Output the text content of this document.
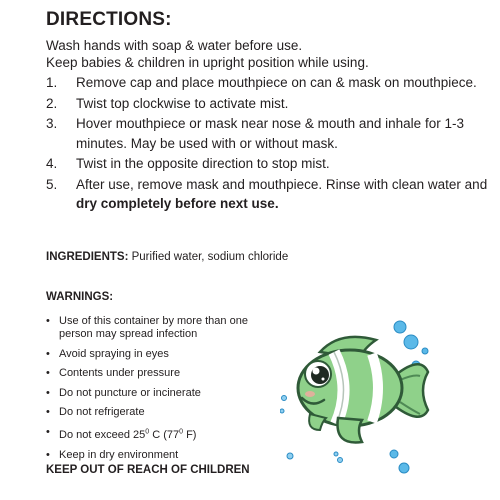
DIRECTIONS:
Wash hands with soap & water before use.
Keep babies & children in upright position while using.
1. Remove cap and place mouthpiece on can & mask on mouthpiece.
2. Twist top clockwise to activate mist.
3. Hover mouthpiece or mask near nose & mouth and inhale for 1-3 minutes. May be used with or without mask.
4. Twist in the opposite direction to stop mist.
5. After use, remove mask and mouthpiece. Rinse with clean water and dry completely before next use.
INGREDIENTS: Purified water, sodium chloride
WARNINGS:
• Use of this container by more than one person may spread infection
• Avoid spraying in eyes
• Contents under pressure
• Do not puncture or incinerate
• Do not refrigerate
• Do not exceed $25^0$ C ($77^0$ F)
• Keep in dry environment
KEEP OUT OF REACH OF CHILDREN
